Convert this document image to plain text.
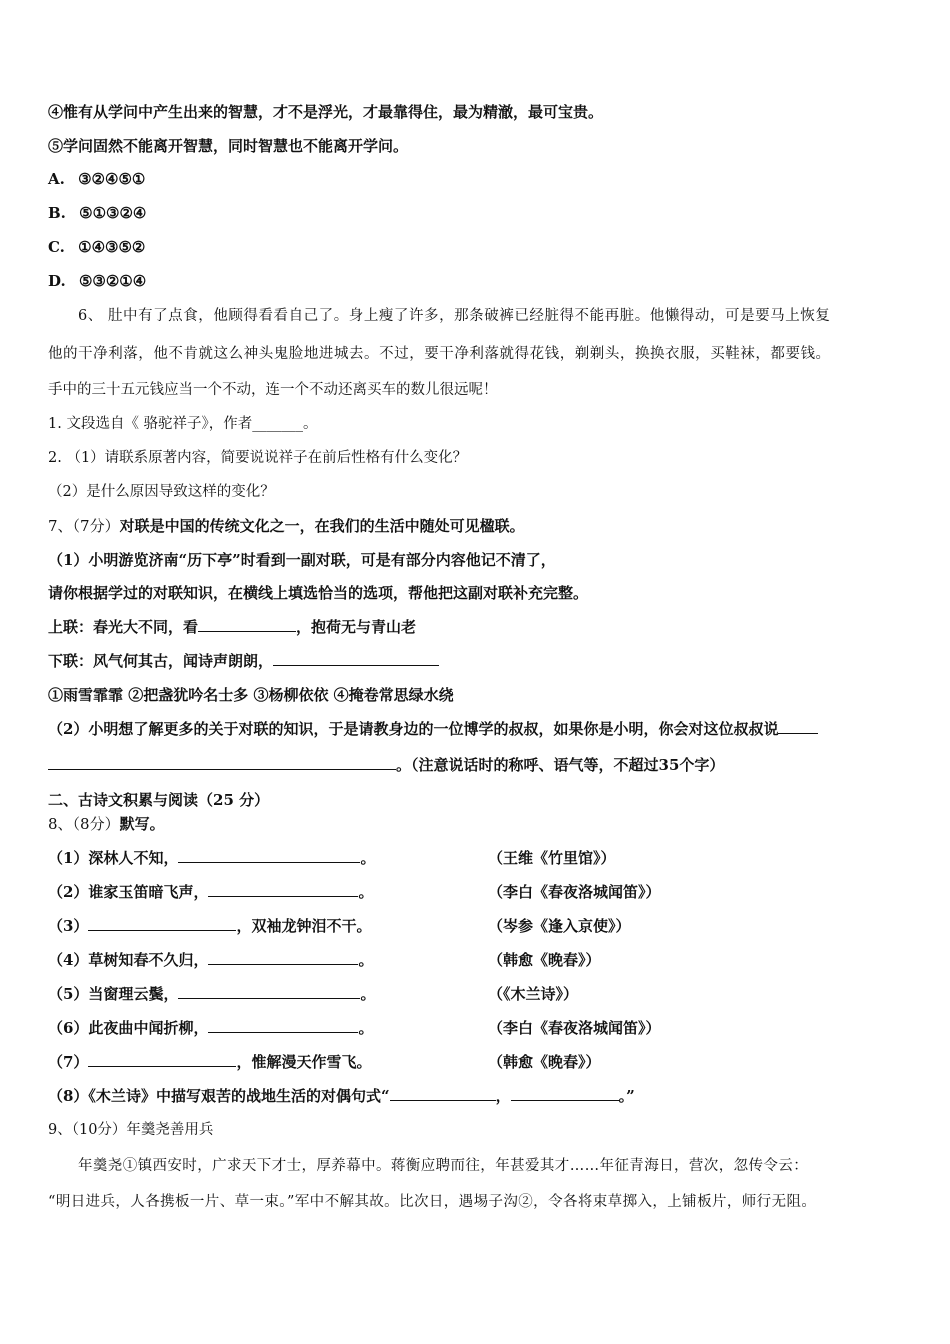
④惟有从学问中产生出来的智慧，才不是浮光，才最靠得住，最为精澈，最可宝贵。
⑤学问固然不能离开智慧，同时智慧也不能离开学问。
A. ③②④⑤①
B. ⑤①③②④
C. ①④③⑤②
D. ⑤③②①④
6、 肚中有了点食，他顾得看看自己了。身上瘦了许多，那条破裤已经脏得不能再脏。他懒得动，可是要马上恢复
他的干净利落，他不肯就这么神头鬼脸地进城去。不过，要干净利落就得花钱，剃剃头，换换衣服，买鞋袜，都要钱。
手中的三十五元钱应当一个不动，连一个不动还离买车的数儿很远呢！
1. 文段选自《 骆驼祥子》，作者_______。
2. （1）请联系原著内容，简要说说祥子在前后性格有什么变化？
（2）是什么原因导致这样的变化？
7、（7分）对联是中国的传统文化之一，在我们的生活中随处可见楹联。
（1）小明游览济南“历下亭”时看到一副对联，可是有部分内容他记不清了，
请你根据学过的对联知识，在横线上填选恰当的选项，帮他把这副对联补充完整。
上联：春光大不同，看	，抱荷无与青山老
下联：风气何其古，闻诗声朗朗，
①雨雪霏霏 ②把盏犹吟名士多 ③杨柳依依 ④掩卷常思绿水绕
（2）小明想了解更多的关于对联的知识，于是请教身边的一位博学的叔叔，如果你是小明，你会对这位叔叔说
。（注意说话时的称呼、语气等，不超过35个字）
二、古诗文积累与阅读（25 分）
8、（8分）默写。
（1）深林人不知，	。	（王维《竹里馆》）
（2）谁家玉笛暗飞声，	。	（李白《春夜洛城闻笛》）
（3）	，双袖龙钟泪不干。	（岑参《逢入京使》）
（4）草树知春不久归，	。	（韩愈《晚春》）
（5）当窗理云鬓，	。	（《木兰诗》）
（6）此夜曲中闻折柳，	。	（李白《春夜洛城闻笛》）
（7）	，惟解漫天作雪飞。	（韩愈《晚春》）
（8）《木兰诗》中描写艰苦的战地生活的对偶句式“	，	。”
9、（10分）年羹尧善用兵
年羹尧①镇西安时，广求天下才士，厚养幕中。蒋衡应聘而往，年甚爱其才……年征青海日，营次，忽传令云：
“明日进兵，人各携板一片、草一束。”军中不解其故。比次日，遇埸子沟②，令各将束草掷入，上铺板片，师行无阻。
